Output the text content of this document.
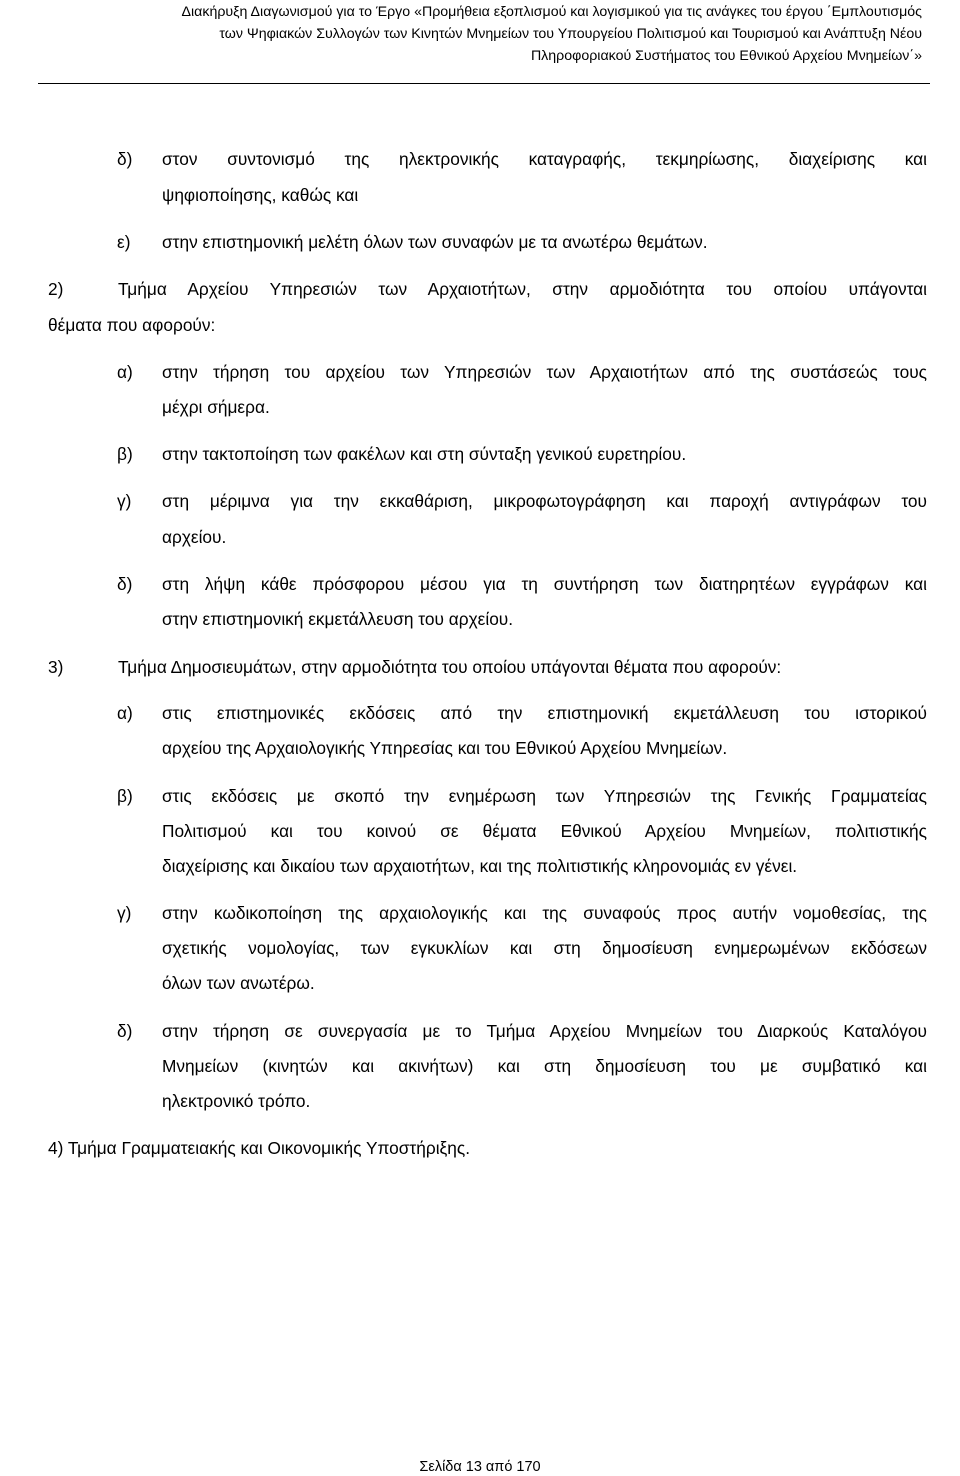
Διακήρυξη Διαγωνισμού για το Έργο «Προμήθεια εξοπλισμού και λογισμικού για τις ανάγκες του έργου ΄Εμπλουτισμός
των Ψηφιακών Συλλογών των Κινητών Μνημείων του Υπουργείου Πολιτισμού και Τουρισμού και Ανάπτυξη Νέου
Πληροφοριακού Συστήματος του Εθνικού Αρχείου Μνημείων΄»
δ) στον συντονισμό της ηλεκτρονικής καταγραφής, τεκμηρίωσης, διαχείρισης και
ψηφιοποίησης, καθώς και
ε) στην επιστημονική μελέτη όλων των συναφών με τα ανωτέρω θεμάτων.
2)	Τμήμα Αρχείου Υπηρεσιών των Αρχαιοτήτων, στην αρμοδιότητα του οποίου υπάγονται
θέματα που αφορούν:
α) στην τήρηση του αρχείου των Υπηρεσιών των Αρχαιοτήτων από της συστάσεώς τους
μέχρι σήμερα.
β) στην τακτοποίηση των φακέλων και στη σύνταξη γενικού ευρετηρίου.
γ) στη μέριμνα για την εκκαθάριση, μικροφωτογράφηση και παροχή αντιγράφων του
αρχείου.
δ) στη λήψη κάθε πρόσφορου μέσου για τη συντήρηση των διατηρητέων εγγράφων και
στην επιστημονική εκμετάλλευση του αρχείου.
3)	Τμήμα Δημοσιευμάτων, στην αρμοδιότητα του οποίου υπάγονται θέματα που αφορούν:
α) στις επιστημονικές εκδόσεις από την επιστημονική εκμετάλλευση του ιστορικού
αρχείου της Αρχαιολογικής Υπηρεσίας και του Εθνικού Αρχείου Μνημείων.
β) στις εκδόσεις με σκοπό την ενημέρωση των Υπηρεσιών της Γενικής Γραμματείας
Πολιτισμού και του κοινού σε θέματα Εθνικού Αρχείου Μνημείων, πολιτιστικής
διαχείρισης και δικαίου των αρχαιοτήτων, και της πολιτιστικής κληρονομιάς εν γένει.
γ) στην κωδικοποίηση της αρχαιολογικής και της συναφούς προς αυτήν νομοθεσίας, της
σχετικής νομολογίας, των εγκυκλίων και στη δημοσίευση ενημερωμένων εκδόσεων
όλων των ανωτέρω.
δ) στην τήρηση σε συνεργασία με το Τμήμα Αρχείου Μνημείων του Διαρκούς Καταλόγου
Μνημείων (κινητών και ακινήτων) και στη δημοσίευση του με συμβατικό και
ηλεκτρονικό τρόπο.
4) Τμήμα Γραμματειακής και Οικονομικής Υποστήριξης.
Σελίδα 13 από 170
